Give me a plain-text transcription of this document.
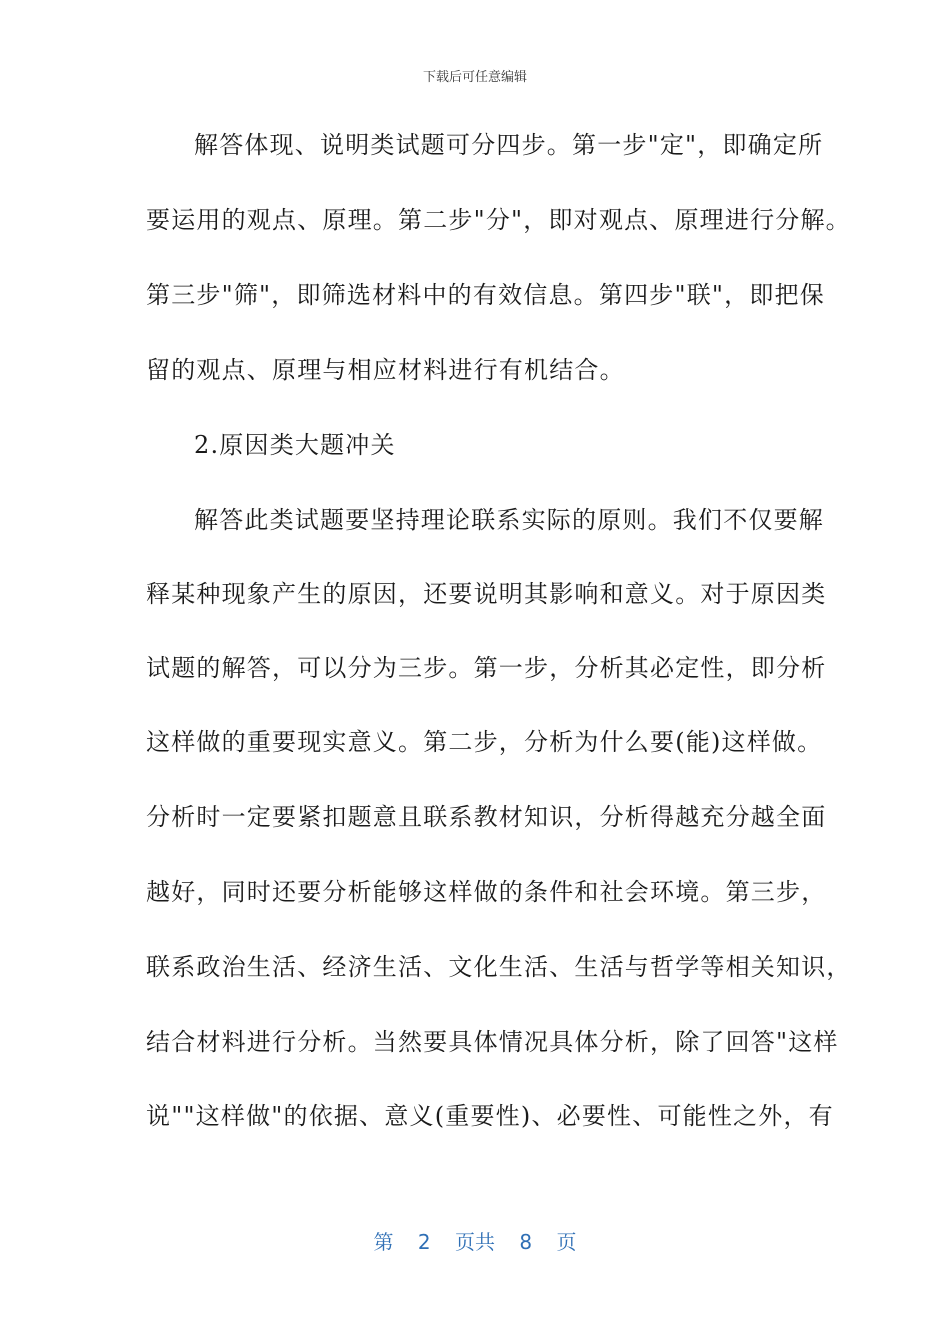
下载后可任意编辑
解答体现、说明类试题可分四步。第一步"定"，即确定所
要运用的观点、原理。第二步"分"，即对观点、原理进行分解。
第三步"筛"，即筛选材料中的有效信息。第四步"联"，即把保
留的观点、原理与相应材料进行有机结合。
2.原因类大题冲关
解答此类试题要坚持理论联系实际的原则。我们不仅要解
释某种现象产生的原因，还要说明其影响和意义。对于原因类
试题的解答，可以分为三步。第一步，分析其必定性，即分析
这样做的重要现实意义。第二步，分析为什么要(能)这样做。
分析时一定要紧扣题意且联系教材知识，分析得越充分越全面
越好，同时还要分析能够这样做的条件和社会环境。第三步，
联系政治生活、经济生活、文化生活、生活与哲学等相关知识，
结合材料进行分析。当然要具体情况具体分析，除了回答"这样
说""这样做"的依据、意义(重要性)、必要性、可能性之外，有
第 2 页共 8 页
